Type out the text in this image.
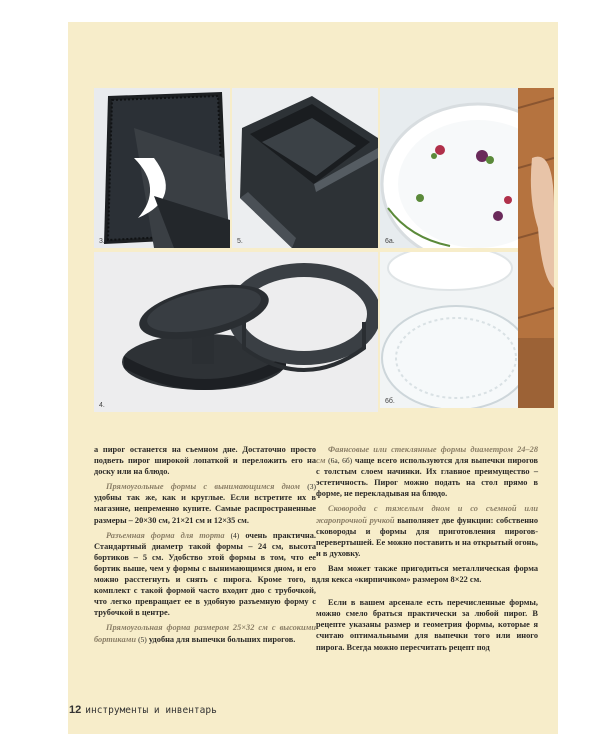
3.	5.	6а.
4.
6б.

а пирог останется на съемном дне. Достаточно просто подветь пирог широкой лопаткой и переложить его на доску или на блюдо.

Прямоугольные формы с вынимающимся дном (3) удобны так же, как и круглые. Если встретите их в магазине, непременно купите. Самые распространенные размеры – 20×30 см, 21×21 см и 12×35 см.

Разъемная форма для торта (4) очень практична. Стандартный диаметр такой формы – 24 см, высота бортиков – 5 см. Удобство этой формы в том, что ее бортик выше, чем у формы с вынимающимся дном, и его можно расстегнуть и снять с пирога. Кроме того, в комплект с такой формой часто входит дно с трубочкой, что легко превращает ее в удобную разъемную форму с трубочкой в центре.

Прямоугольная форма размером 25×32 см с высокими бортиками (5) удобна для выпечки больших пирогов.

Фаянсовые или стеклянные формы диаметром 24–28 см (6а, 6б) чаще всего используются для выпечки пирогов с толстым слоем начинки. Их главное преимущество – эстетичность. Пирог можно подать на стол прямо в форме, не перекладывая на блюдо.

Сковорода с тяжелым дном и со съемной или жаропрочной ручкой выполняет две функции: собственно сковороды и формы для приготовления пирогов-перевертышей. Ее можно поставить и на открытый огонь, и в духовку.

Вам может также пригодиться металлическая форма для кекса «кирпичиком» размером 8×22 см.

Если в вашем арсенале есть перечисленные формы, можно смело браться практически за любой пирог. В рецепте указаны размер и геометрия формы, которые я считаю оптимальными для выпечки того или иного пирога. Всегда можно пересчитать рецепт под

12 инструменты и инвентарь
